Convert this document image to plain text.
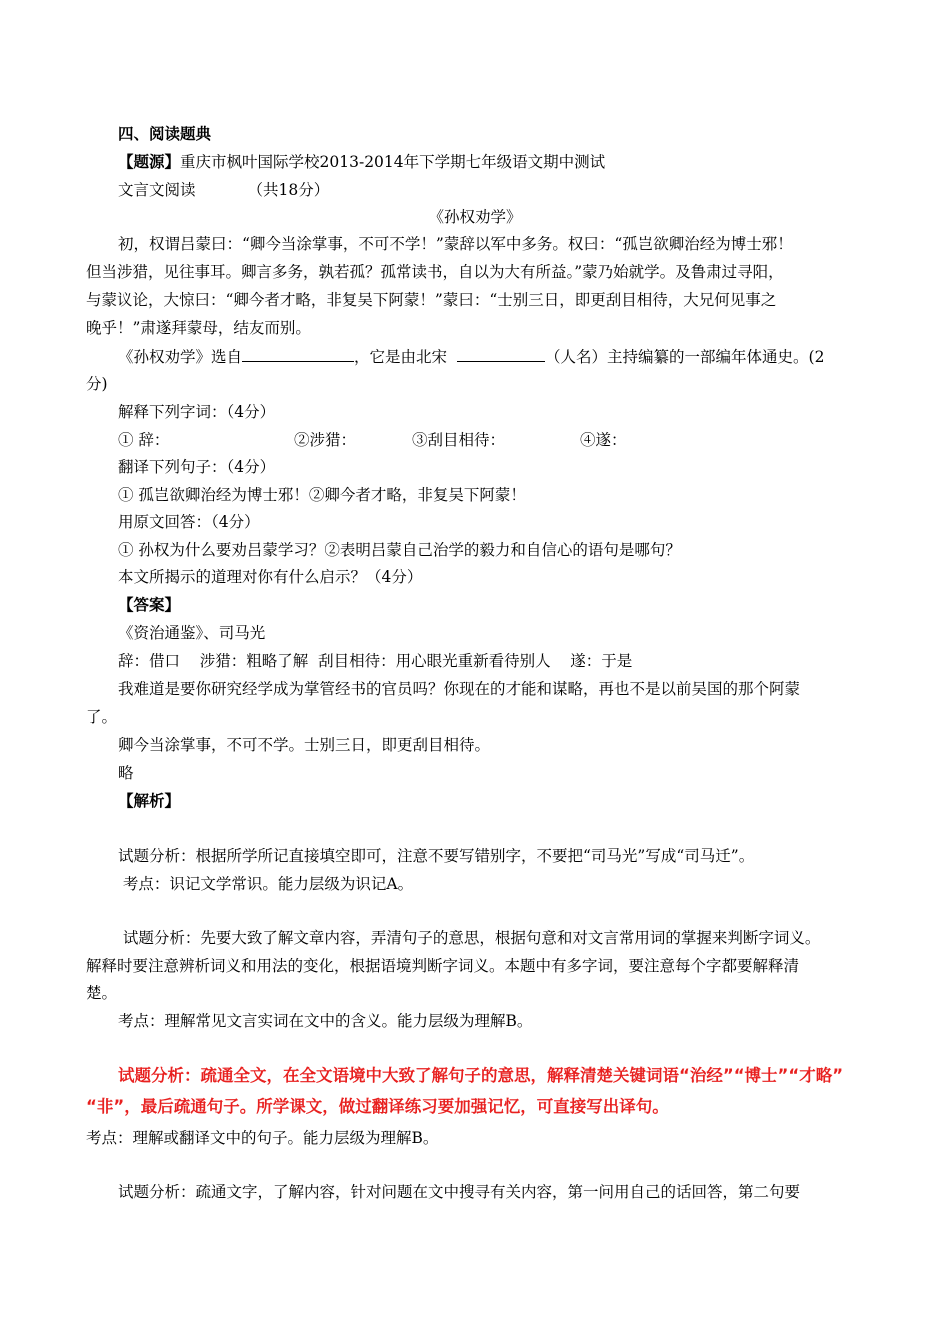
四、阅读题典
【题源】重庆市枫叶国际学校2013-2014年下学期七年级语文期中测试
文言文阅读	（共18分）
《孙权劝学》
初，权谓吕蒙曰：“卿今当涂掌事，不可不学！”蒙辞以军中多务。权曰：“孤岂欲卿治经为博士邪！
但当涉猎，见往事耳。卿言多务，孰若孤？孤常读书，自以为大有所益。”蒙乃始就学。及鲁肃过寻阳，
与蒙议论，大惊曰：“卿今者才略，非复吴下阿蒙！”蒙曰：“士别三日，即更刮目相待，大兄何见事之
晚乎！”肃遂拜蒙母，结友而别。
《孙权劝学》选自	，它是由北宋	（人名）主持编纂的一部编年体通史。(2
分)
解释下列字词：（4分）
① 辞：	②涉猎：	③刮目相待：	④遂：
翻译下列句子：（4分）
① 孤岂欲卿治经为博士邪！②卿今者才略，非复吴下阿蒙！
用原文回答：（4分）
① 孙权为什么要劝吕蒙学习？②表明吕蒙自己治学的毅力和自信心的语句是哪句？
本文所揭示的道理对你有什么启示？（4分）
【答案】
《资治通鉴》、司马光
辞：借口    涉猎：粗略了解  刮目相待：用心眼光重新看待别人    遂：于是
我难道是要你研究经学成为掌管经书的官员吗？你现在的才能和谋略，再也不是以前吴国的那个阿蒙
了。
卿今当涂掌事，不可不学。士别三日，即更刮目相待。
略
【解析】
试题分析：根据所学所记直接填空即可，注意不要写错别字，不要把“司马光”写成“司马迁”。
考点：识记文学常识。能力层级为识记A。
试题分析：先要大致了解文章内容，弄清句子的意思，根据句意和对文言常用词的掌握来判断字词义。
解释时要注意辨析词义和用法的变化，根据语境判断字词义。本题中有多字词，要注意每个字都要解释清
楚。
考点：理解常见文言实词在文中的含义。能力层级为理解B。
试题分析：疏通全文，在全文语境中大致了解句子的意思，解释清楚关键词语“治经”“博士”“才略”
“非”，最后疏通句子。所学课文，做过翻译练习要加强记忆，可直接写出译句。
考点：理解或翻译文中的句子。能力层级为理解B。
试题分析：疏通文字，了解内容，针对问题在文中搜寻有关内容，第一问用自己的话回答，第二句要
